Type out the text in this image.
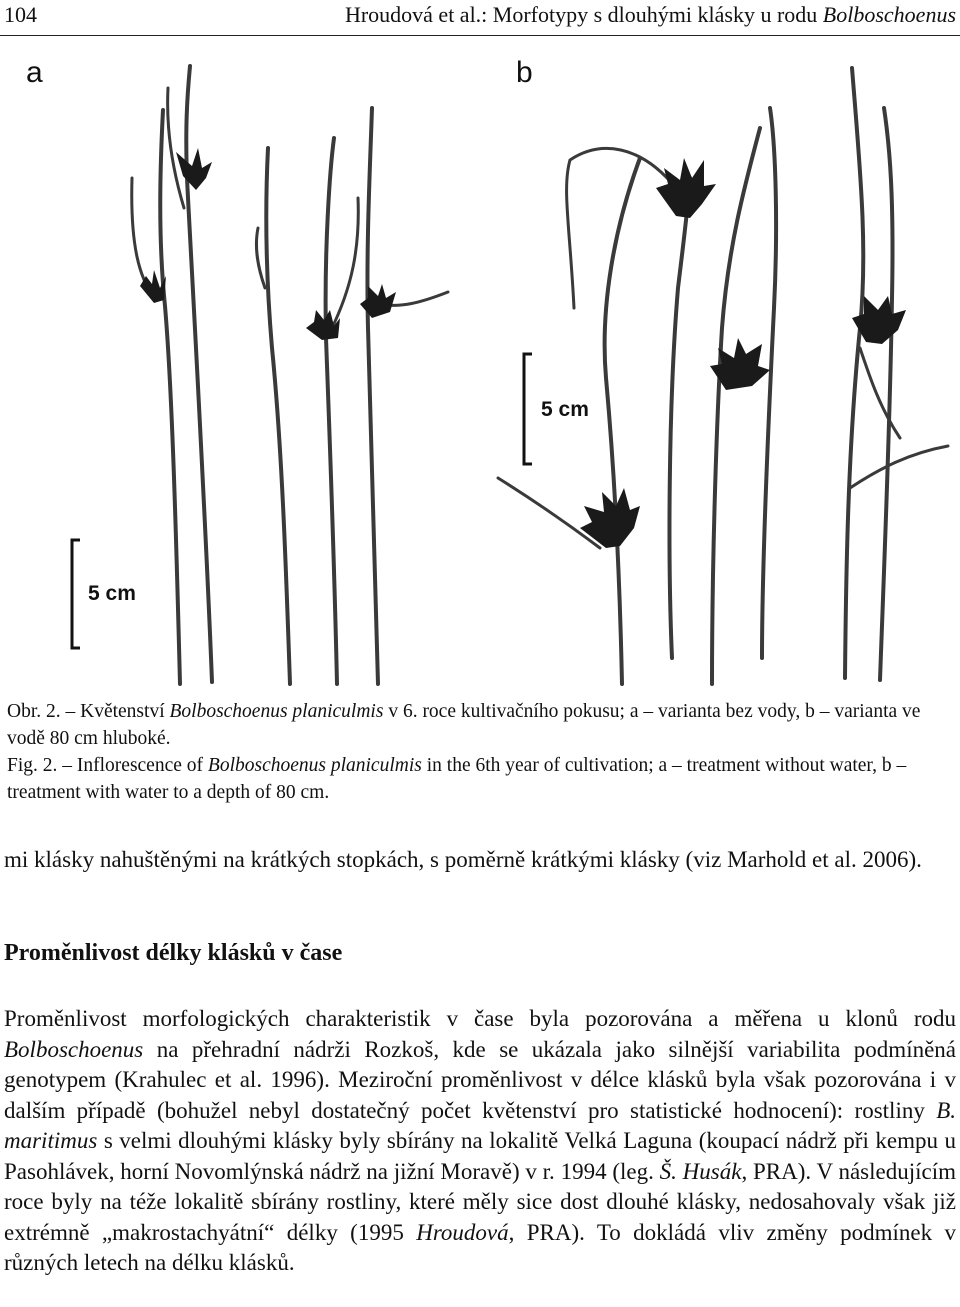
104	Hroudová et al.: Morfotypy s dlouhými klásky u rodu Bolboschoenus
a	b
5 cm
5 cm
Obr. 2. – Květenství Bolboschoenus planiculmis v 6. roce kultivačního pokusu; a – varianta bez vody, b – varianta ve vodě 80 cm hluboké.
Fig. 2. – Inflorescence of Bolboschoenus planiculmis in the 6th year of cultivation; a – treatment without water, b – treatment with water to a depth of 80 cm.
mi klásky nahuštěnými na krátkých stopkách, s poměrně krátkými klásky (viz Marhold et al. 2006).
Proměnlivost délky klásků v čase
Proměnlivost morfologických charakteristik v čase byla pozorována a měřena u klonů rodu Bolboschoenus na přehradní nádrži Rozkoš, kde se ukázala jako silnější variabilita podmíněná genotypem (Krahulec et al. 1996). Meziroční proměnlivost v délce klásků byla však pozorována i v dalším případě (bohužel nebyl dostatečný počet květenství pro statistické hodnocení): rostliny B. maritimus s velmi dlouhými klásky byly sbírány na lokalitě Velká Laguna (koupací nádrž při kempu u Pasohlávek, horní Novomlýnská nádrž na jižní Moravě) v r. 1994 (leg. Š. Husák, PRA). V následujícím roce byly na téže lokalitě sbírány rostliny, které měly sice dost dlouhé klásky, nedosahovaly však již extrémně „makrostachyátní“ délky (1995 Hroudová, PRA). To dokládá vliv změny podmínek v různých letech na délku klásků.
